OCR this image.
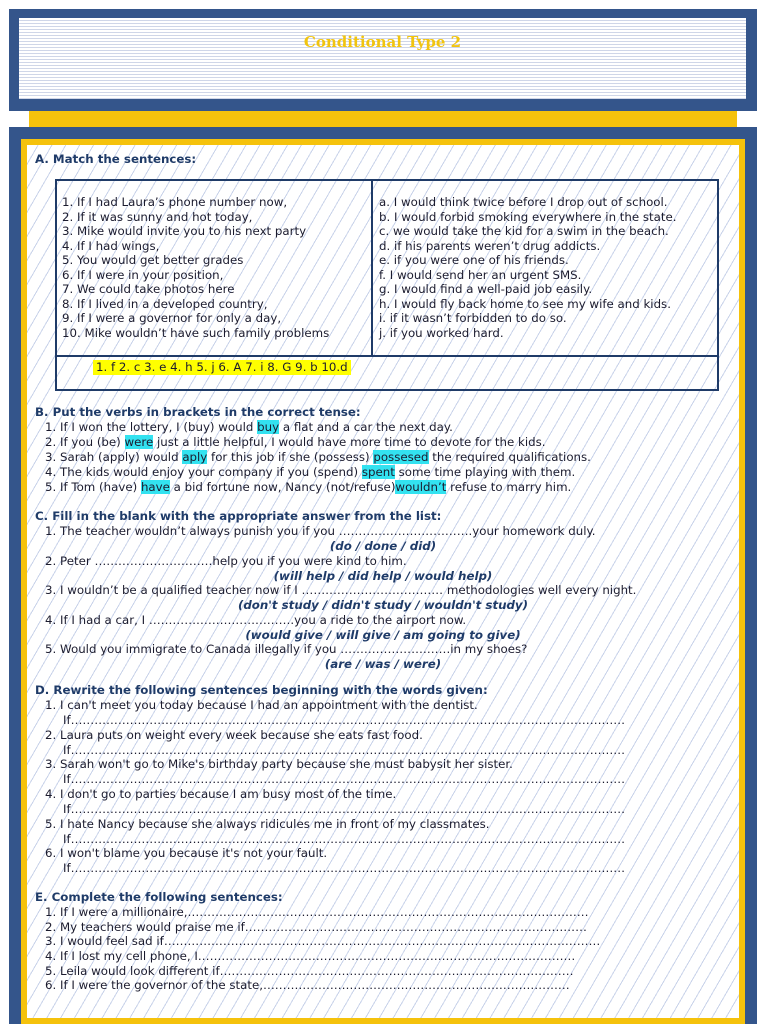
Conditional Type 2
A. Match the sentences:
1. If I had Laura’s phone number now,
2. If it was sunny and hot today,
3. Mike would invite you to his next party
4. If I had wings,
5. You would get better grades
6. If I were in your position,
7. We could take photos here
8. If I lived in a developed country,
9. If I were a governor for only a day,
10. Mike wouldn’t have such family problems
a. I would think twice before I drop out of school.
b. I would forbid smoking everywhere in the state.
c. we would take the kid for a swim in the beach.
d. if his parents weren’t drug addicts.
e. if you were one of his friends.
f. I would send her an urgent SMS.
g. I would find a well-paid job easily.
h. I would fly back home to see my wife and kids.
i. if it wasn’t forbidden to do so.
j. if you worked hard.
1. f 2. c 3. e 4. h 5. j 6. A 7. i 8. G 9. b 10.d
B. Put the verbs in brackets in the correct tense:
1. If I won the lottery, I (buy) would buy a flat and a car the next day.
2. If you (be) were just a little helpful, I would have more time to devote for the kids.
3. Sarah (apply) would aply for this job if she (possess) possesed the required qualifications.
4. The kids would enjoy your company if you (spend) spent some time playing with them.
5. If Tom (have) have a bid fortune now, Nancy (not/refuse)wouldn’t refuse to marry him.
C. Fill in the blank with the appropriate answer from the list:
1. The teacher wouldn’t always punish you if you …………………………….your homework duly.
(do / done / did)
2. Peter …………………………help you if you were kind to him.
(will help / did help / would help)
3. I wouldn’t be a qualified teacher now if I ……………………………… methodologies well every night.
(don't study / didn't study / wouldn't study)
4. If I had a car, I ……………………………….you a ride to the airport now.
(would give / will give / am going to give)
5. Would you immigrate to Canada illegally if you ……………………….in my shoes?
(are / was / were)
D. Rewrite the following sentences beginning with the words given:
1. I can't meet you today because I had an appointment with the dentist.
If……………………………………………………………………………………………………………………………
2. Laura puts on weight every week because she eats fast food.
If……………………………………………………………………………………………………………………………
3. Sarah won't go to Mike's birthday party because she must babysit her sister.
If……………………………………………………………………………………………………………………………
4. I don't go to parties because I am busy most of the time.
If……………………………………………………………………………………………………………………………
5. I hate Nancy because she always ridicules me in front of my classmates.
If……………………………………………………………………………………………………………………………
6. I won't blame you because it's not your fault.
If……………………………………………………………………………………………………………………………
E. Complete the following sentences:
1. If I were a millionaire,…………………………………………………………………………………………
2. My teachers would praise me if……………………………………………………………………………
3. I would feel sad if…………………………………………………………………………………………………
4. If I lost my cell phone, I……………………………………………………………………………………
5. Leila would look different if………………………………………………………………………………
6. If I were the governor of the state,……………………………………………………………………
